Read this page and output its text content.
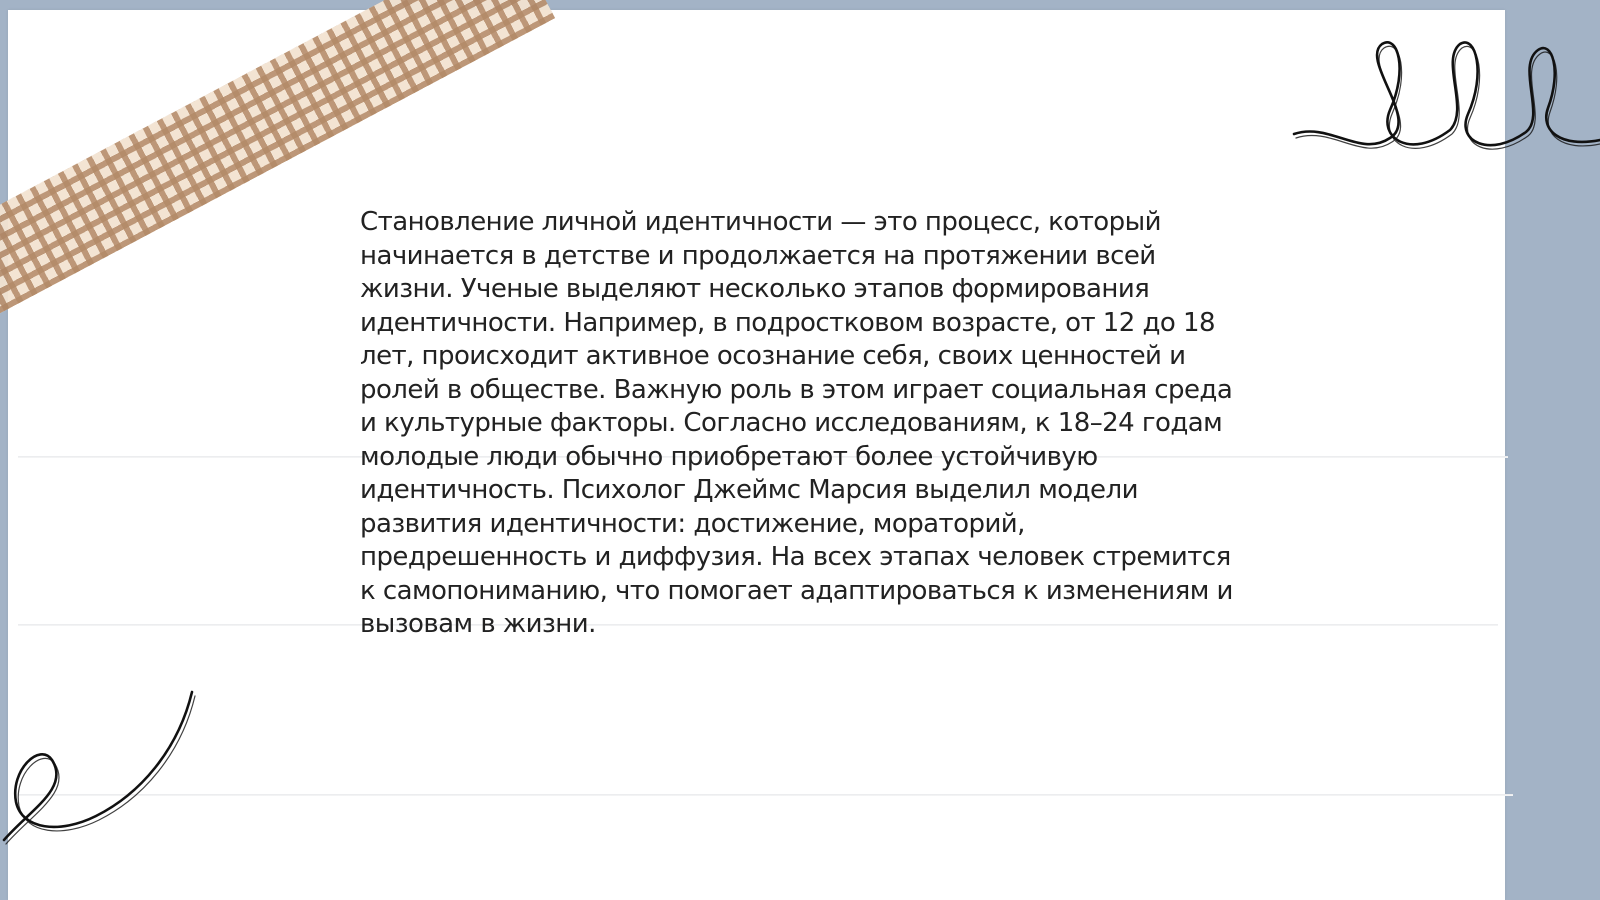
Становление личной идентичности — это процесс, который начинается в детстве и продолжается на протяжении всей жизни. Ученые выделяют несколько этапов формирования идентичности. Например, в подростковом возрасте, от 12 до 18 лет, происходит активное осознание себя, своих ценностей и ролей в обществе. Важную роль в этом играет социальная среда и культурные факторы. Согласно исследованиям, к 18–24 годам молодые люди обычно приобретают более устойчивую идентичность. Психолог Джеймс Марсия выделил модели развития идентичности: достижение, мораторий, предрешенность и диффузия. На всех этапах человек стремится к самопониманию, что помогает адаптироваться к изменениям и вызовам в жизни.
